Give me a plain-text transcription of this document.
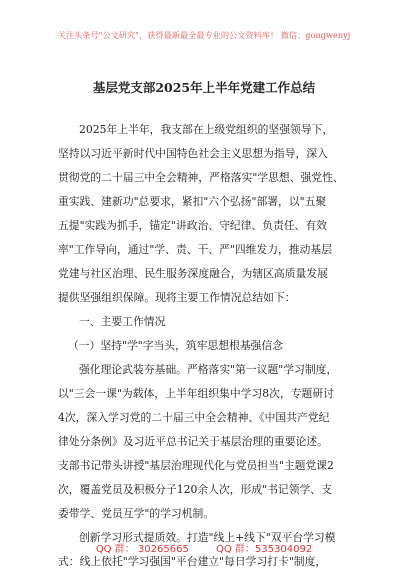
关注头条号"公文研究"，获得最新最全最专业的公文资料库！ 微信：gongwenyj
基层党支部2025年上半年党建工作总结
2025年上半年，我支部在上级党组织的坚强领导下，
坚持以习近平新时代中国特色社会主义思想为指导，深入
贯彻党的二十届三中全会精神，严格落实"学思想、强党性、
重实践、建新功"总要求，紧扣"六个弘扬"部署，以"五聚
五提"实践为抓手，锚定"讲政治、守纪律、负责任、有效
率"工作导向，通过"学、责、干、严"四维发力，推动基层
党建与社区治理、民生服务深度融合，为辖区高质量发展
提供坚强组织保障。现将主要工作情况总结如下：
一、主要工作情况
（一）坚持"学"字当头，筑牢思想根基强信念
强化理论武装夯基础。严格落实"第一议题"学习制度，
以"三会一课"为载体，上半年组织集中学习8次，专题研讨
4次，深入学习党的二十届三中全会精神、《中国共产党纪
律处分条例》及习近平总书记关于基层治理的重要论述。
支部书记带头讲授"基层治理现代化与党员担当"主题党课2
次，覆盖党员及积极分子120余人次，形成"书记领学、支
委带学、党员互学"的学习机制。
创新学习形式提质效。打造"线上+线下"双平台学习模
式：线上依托"学习强国"平台建立"每日学习打卡"制度，
QQ 群： 30265665	QQ 群：535304092
